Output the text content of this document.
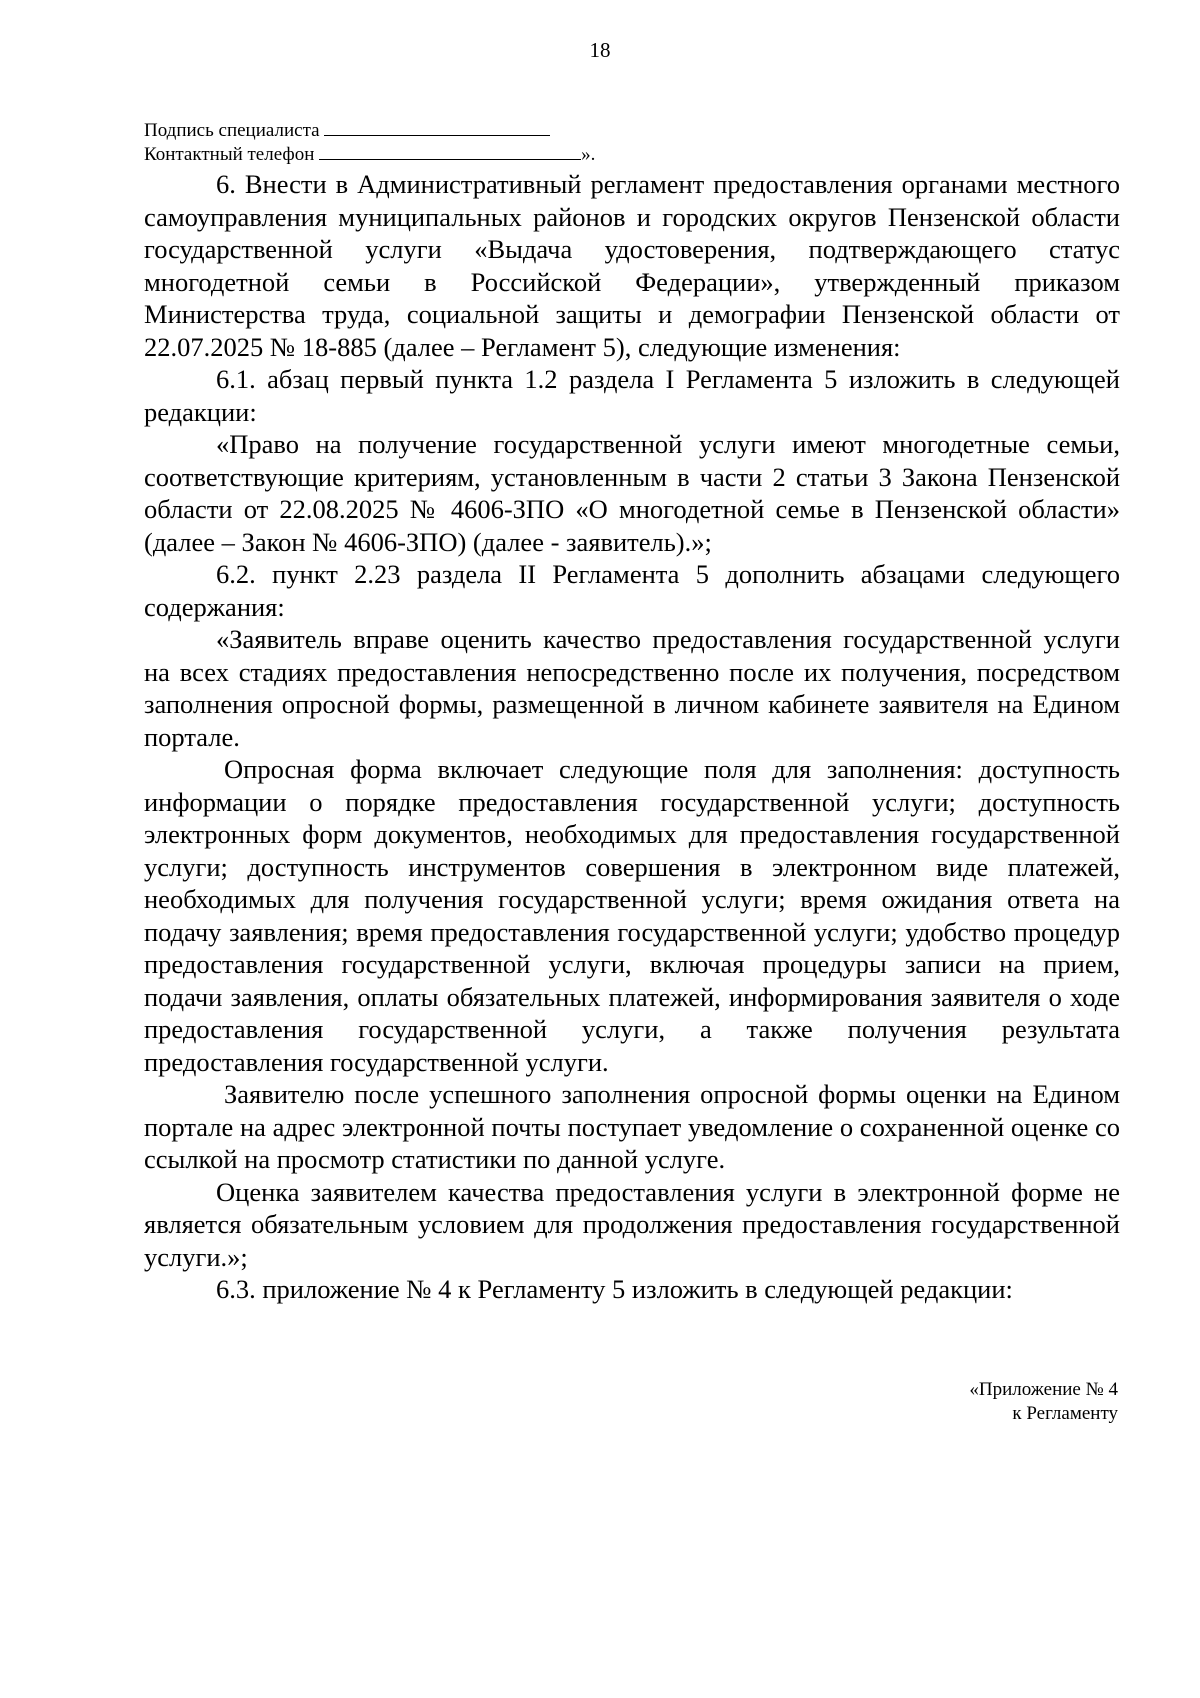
18
Подпись специалиста
Контактный телефон	».

6. Внести в Административный регламент предоставления органами местного самоуправления муниципальных районов и городских округов Пензенской области государственной услуги «Выдача удостоверения, подтверждающего статус многодетной семьи в Российской Федерации», утвержденный приказом Министерства труда, социальной защиты и демографии Пензенской области от 22.07.2025 № 18-885 (далее – Регламент 5), следующие изменения:

6.1. абзац первый пункта 1.2 раздела I Регламента 5 изложить в следующей редакции:

«Право на получение государственной услуги имеют многодетные семьи, соответствующие критериям, установленным в части 2 статьи 3 Закона Пензенской области от 22.08.2025 № 4606-ЗПО «О многодетной семье в Пензенской области» (далее – Закон № 4606-ЗПО) (далее - заявитель).»;

6.2. пункт 2.23 раздела II Регламента 5 дополнить абзацами следующего содержания:

«Заявитель вправе оценить качество предоставления государственной услуги на всех стадиях предоставления непосредственно после их получения, посредством заполнения опросной формы, размещенной в личном кабинете заявителя на Едином портале.

Опросная форма включает следующие поля для заполнения: доступность информации о порядке предоставления государственной услуги; доступность электронных форм документов, необходимых для предоставления государственной услуги; доступность инструментов совершения в электронном виде платежей, необходимых для получения государственной услуги; время ожидания ответа на подачу заявления; время предоставления государственной услуги; удобство процедур предоставления государственной услуги, включая процедуры записи на прием, подачи заявления, оплаты обязательных платежей, информирования заявителя о ходе предоставления государственной услуги, а также получения результата предоставления государственной услуги.

Заявителю после успешного заполнения опросной формы оценки на Едином портале на адрес электронной почты поступает уведомление о сохраненной оценке со ссылкой на просмотр статистики по данной услуге.

Оценка заявителем качества предоставления услуги в электронной форме не является обязательным условием для продолжения предоставления государственной услуги.»;

6.3. приложение № 4 к Регламенту 5 изложить в следующей редакции:

«Приложение № 4
к Регламенту
